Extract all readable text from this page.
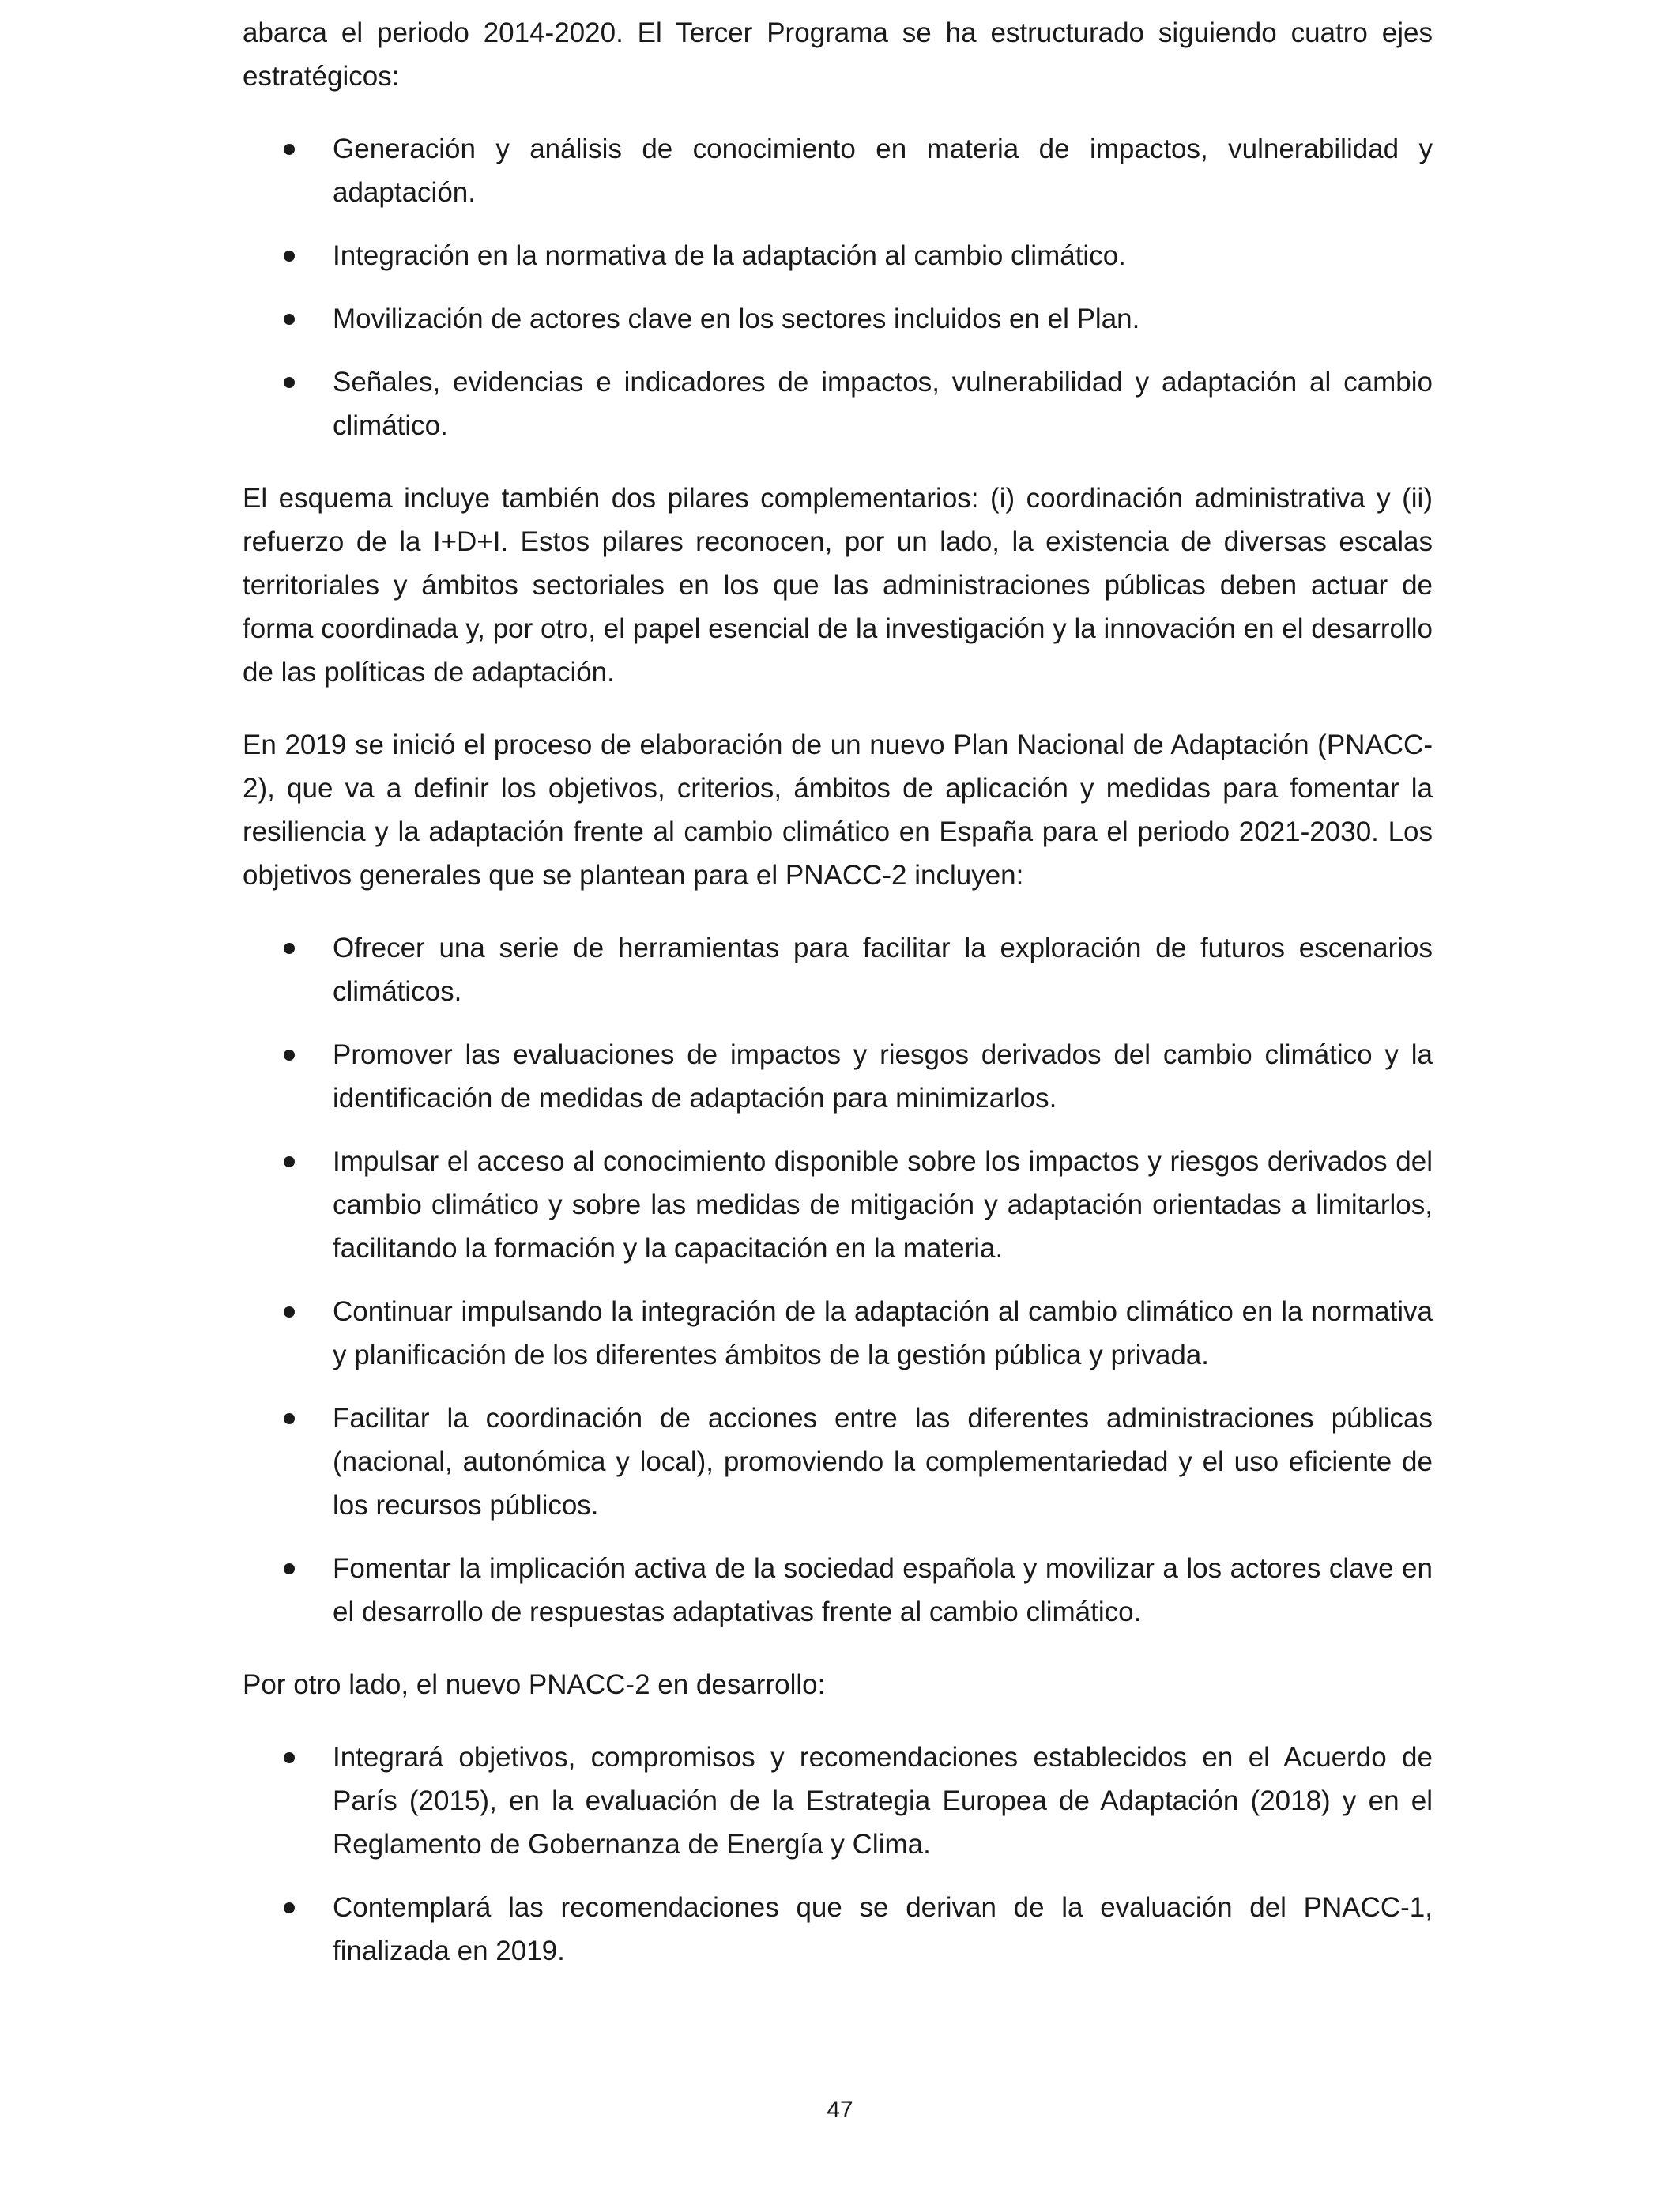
abarca el periodo 2014-2020. El Tercer Programa se ha estructurado siguiendo cuatro ejes estratégicos:

Generación y análisis de conocimiento en materia de impactos, vulnerabilidad y adaptación.
Integración en la normativa de la adaptación al cambio climático.
Movilización de actores clave en los sectores incluidos en el Plan.
Señales, evidencias e indicadores de impactos, vulnerabilidad y adaptación al cambio climático.

El esquema incluye también dos pilares complementarios: (i) coordinación administrativa y (ii) refuerzo de la I+D+I. Estos pilares reconocen, por un lado, la existencia de diversas escalas territoriales y ámbitos sectoriales en los que las administraciones públicas deben actuar de forma coordinada y, por otro, el papel esencial de la investigación y la innovación en el desarrollo de las políticas de adaptación.

En 2019 se inició el proceso de elaboración de un nuevo Plan Nacional de Adaptación (PNACC-2), que va a definir los objetivos, criterios, ámbitos de aplicación y medidas para fomentar la resiliencia y la adaptación frente al cambio climático en España para el periodo 2021-2030. Los objetivos generales que se plantean para el PNACC-2 incluyen:

Ofrecer una serie de herramientas para facilitar la exploración de futuros escenarios climáticos.
Promover las evaluaciones de impactos y riesgos derivados del cambio climático y la identificación de medidas de adaptación para minimizarlos.
Impulsar el acceso al conocimiento disponible sobre los impactos y riesgos derivados del cambio climático y sobre las medidas de mitigación y adaptación orientadas a limitarlos, facilitando la formación y la capacitación en la materia.
Continuar impulsando la integración de la adaptación al cambio climático en la normativa y planificación de los diferentes ámbitos de la gestión pública y privada.
Facilitar la coordinación de acciones entre las diferentes administraciones públicas (nacional, autonómica y local), promoviendo la complementariedad y el uso eficiente de los recursos públicos.
Fomentar la implicación activa de la sociedad española y movilizar a los actores clave en el desarrollo de respuestas adaptativas frente al cambio climático.

Por otro lado, el nuevo PNACC-2 en desarrollo:

Integrará objetivos, compromisos y recomendaciones establecidos en el Acuerdo de París (2015), en la evaluación de la Estrategia Europea de Adaptación (2018) y en el Reglamento de Gobernanza de Energía y Clima.
Contemplará las recomendaciones que se derivan de la evaluación del PNACC-1, finalizada en 2019.
47
